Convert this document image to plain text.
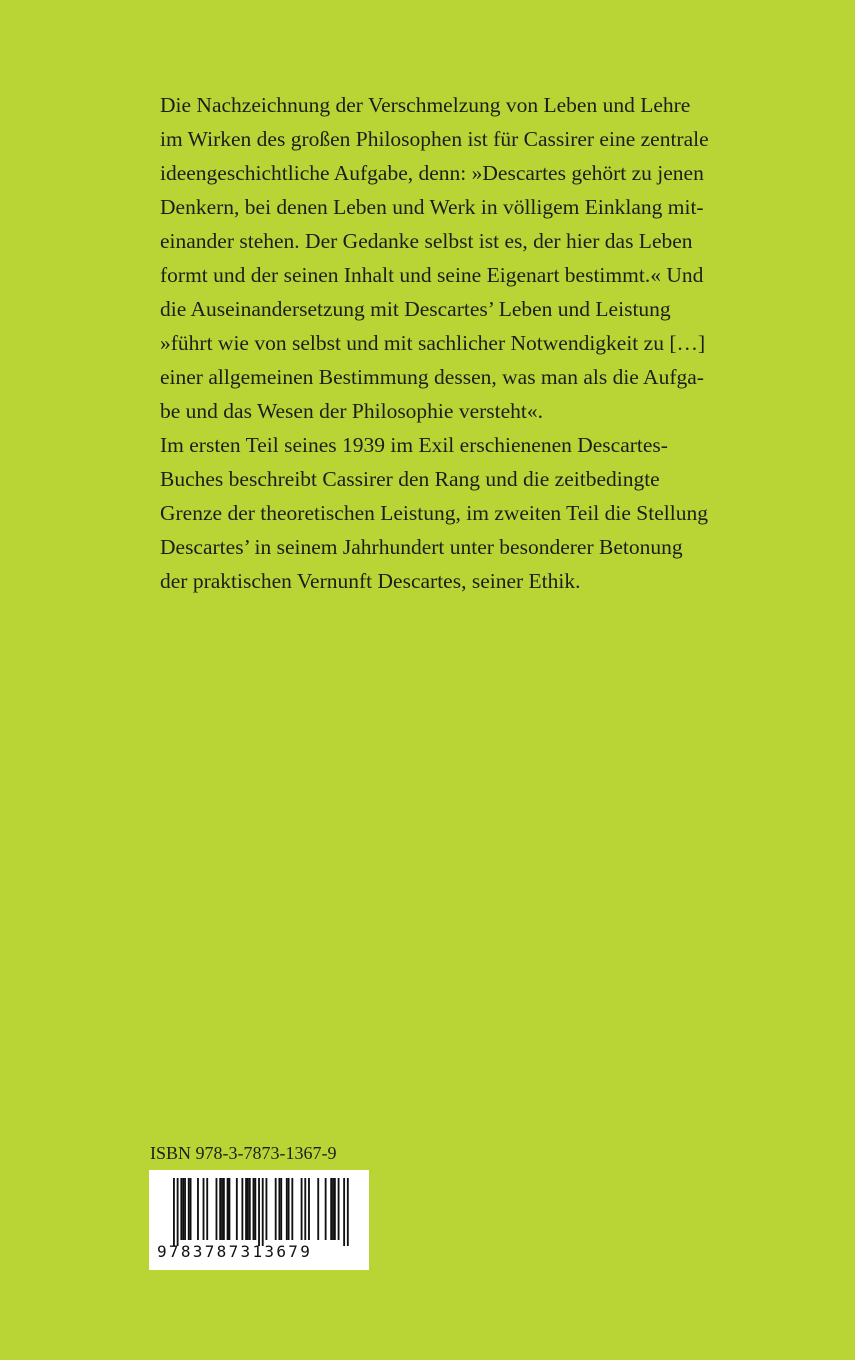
Die Nachzeichnung der Verschmelzung von Leben und Lehre
im Wirken des großen Philosophen ist für Cassirer eine zentrale
ideengeschichtliche Aufgabe, denn: »Descartes gehört zu jenen
Denkern, bei denen Leben und Werk in völligem Einklang mit-
einander stehen. Der Gedanke selbst ist es, der hier das Leben
formt und der seinen Inhalt und seine Eigenart bestimmt.« Und
die Auseinandersetzung mit Descartes’ Leben und Leistung
»führt wie von selbst und mit sachlicher Notwendigkeit zu […]
einer allgemeinen Bestimmung dessen, was man als die Aufga-
be und das Wesen der Philosophie versteht«.
Im ersten Teil seines 1939 im Exil erschienenen Descartes-
Buches beschreibt Cassirer den Rang und die zeitbedingte
Grenze der theoretischen Leistung, im zweiten Teil die Stellung
Descartes’ in seinem Jahrhundert unter besonderer Betonung
der praktischen Vernunft Descartes, seiner Ethik.
ISBN 978-3-7873-1367-9
9783787313679
